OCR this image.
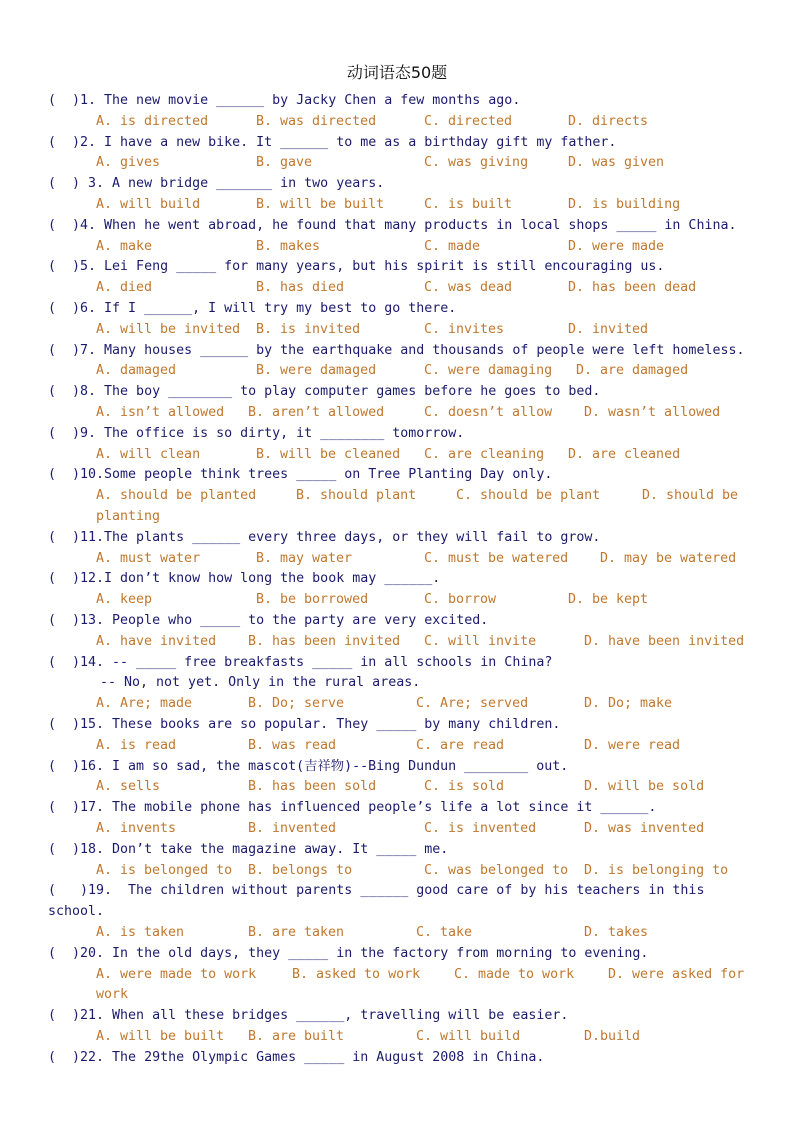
动词语态50题
(  )1. The new movie ______ by Jacky Chen a few months ago.
A. is directed	B. was directed	C. directed	D. directs
(  )2. I have a new bike. It ______ to me as a birthday gift my father.
A. gives	B. gave	C. was giving	D. was given
(  ) 3. A new bridge _______ in two years.
A. will build	B. will be built	C. is built	D. is building
(  )4. When he went abroad, he found that many products in local shops _____ in China.
A. make	B. makes	C. made	D. were made
(  )5. Lei Feng _____ for many years, but his spirit is still encouraging us.
A. died	B. has died	C. was dead	D. has been dead
(  )6. If I ______, I will try my best to go there.
A. will be invited B. is invited	C. invites	D. invited
(  )7. Many houses ______ by the earthquake and thousands of people were left homeless.
A. damaged	B. were damaged	C. were damaging D. are damaged
(  )8. The boy ________ to play computer games before he goes to bed.
A. isn’t allowed B. aren’t allowed	C. doesn’t allow D. wasn’t allowed
(  )9. The office is so dirty, it ________ tomorrow.
A. will clean	B. will be cleaned C. are cleaning D. are cleaned
(  )10.Some people think trees _____ on Tree Planting Day only.
A. should be planted	B. should plant	C. should be plant	D. should be
planting
(  )11.The plants ______ every three days, or they will fail to grow.
A. must water	B. may water	C. must be watered D. may be watered
(  )12.I don’t know how long the book may ______.
A. keep	B. be borrowed	C. borrow	D. be kept
(  )13. People who _____ to the party are very excited.
A. have invited B. has been invited C. will invite	D. have been invited
(  )14. -- _____ free breakfasts _____ in all schools in China?
-- No, not yet. Only in the rural areas.
A. Are; made	B. Do; serve	C. Are; served	D. Do; make
(  )15. These books are so popular. They _____ by many children.
A. is read	B. was read	C. are read	D. were read
(  )16. I am so sad, the mascot(吉祥物)--Bing Dundun ________ out.
A. sells	B. has been sold	C. is sold	D. will be sold
(  )17. The mobile phone has influenced people’s life a lot since it ______.
A. invents	B. invented	C. is invented	D. was invented
(  )18. Don’t take the magazine away. It _____ me.
A. is belonged to B. belongs to	C. was belonged to D. is belonging to
(   )19.  The children without parents ______ good care of by his teachers in this
school.
A. is taken	B. are taken	C. take	D. takes
(  )20. In the old days, they _____ in the factory from morning to evening.
A. were made to work	B. asked to work	C. made to work	D. were asked for
work
(  )21. When all these bridges ______, travelling will be easier.
A. will be built B. are built	C. will build	D.build
(  )22. The 29the Olympic Games _____ in August 2008 in China.
